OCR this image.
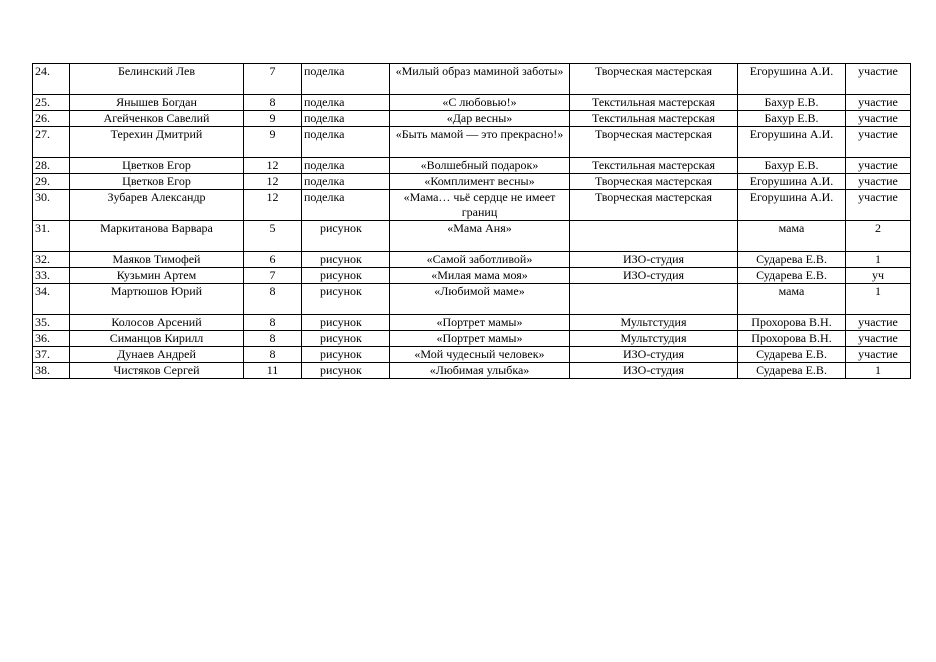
24.	Белинский Лев	7	поделка	«Милый образ маминой заботы»	Творческая мастерская	Егорушина А.И.	участие
25.	Янышев Богдан	8	поделка	«С любовью!»	Текстильная мастерская	Бахур Е.В.	участие
26.	Агейченков Савелий	9	поделка	«Дар весны»	Текстильная мастерская	Бахур Е.В.	участие
27.	Терехин Дмитрий	9	поделка	«Быть мамой — это прекрасно!»	Творческая мастерская	Егорушина А.И.	участие
28.	Цветков Егор	12	поделка	«Волшебный подарок»	Текстильная мастерская	Бахур Е.В.	участие
29.	Цветков Егор	12	поделка	«Комплимент весны»	Творческая мастерская	Егорушина А.И.	участие
30.	Зубарев Александр	12	поделка	«Мама… чьё сердце не имеет границ	Творческая мастерская	Егорушина А.И.	участие
31.	Маркитанова Варвара	5	рисунок	«Мама Аня»		мама	2
32.	Маяков Тимофей	6	рисунок	«Самой заботливой»	ИЗО-студия	Сударева Е.В.	1
33.	Кузьмин Артем	7	рисунок	«Милая мама моя»	ИЗО-студия	Сударева Е.В.	уч
34.	Мартюшов Юрий	8	рисунок	«Любимой маме»		мама	1
35.	Колосов Арсений	8	рисунок	«Портрет мамы»	Мультстудия	Прохорова В.Н.	участие
36.	Симанцов Кирилл	8	рисунок	«Портрет мамы»	Мультстудия	Прохорова В.Н.	участие
37.	Дунаев Андрей	8	рисунок	«Мой чудесный человек»	ИЗО-студия	Сударева Е.В.	участие
38.	Чистяков Сергей	11	рисунок	«Любимая улыбка»	ИЗО-студия	Сударева Е.В.	1
